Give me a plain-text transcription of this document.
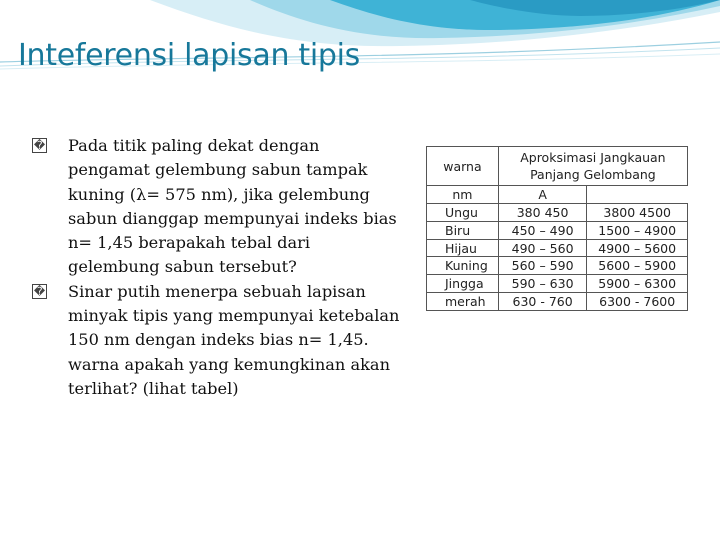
Inteferensi lapisan tipis
� Pada titik paling dekat dengan pengamat gelembung sabun tampak kuning (λ= 575 nm), jika gelembung sabun dianggap mempunyai indeks bias n= 1,45 berapakah tebal dari gelembung sabun tersebut?
� Sinar putih menerpa sebuah lapisan minyak tipis yang mempunyai ketebalan 150 nm dengan indeks bias n= 1,45. warna apakah yang kemungkinan akan terlihat? (lihat tabel)
warna	Aproksimasi Jangkauan Panjang Gelombang	

nm	A	
Ungu	380 450	3800 4500
Biru	450 – 490	1500 – 4900
Hijau	490 – 560	4900 – 5600
Kuning	560 – 590	5600 – 5900
Jingga	590 – 630	5900 – 6300
merah	630 - 760	6300 - 7600
